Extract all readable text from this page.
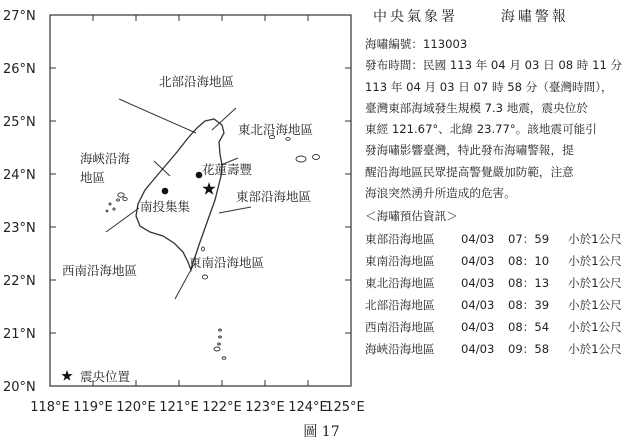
27°N
26°N
25°N
24°N
23°N
22°N
21°N
20°N
118°E 119°E 120°E 121°E 122°E 123°E 124°E
125°E
北部沿海地區
東北沿海地區
海峽沿海
地區
東部沿海地區
東南沿海地區
西南沿海地區
花蓮壽豐
南投集集
震央位置
中央氣象署	海嘯警報

海嘯編號：113003

發布時間：民國 113 年 04 月 03 日 08 時 11 分

113 年 04 月 03 日 07 時 58 分（臺灣時間），

臺灣東部海域發生規模 7.3 地震，震央位於

東經 121.67°、北緯 23.77°。該地震可能引

發海嘯影響臺灣，特此發布海嘯警報，提

醒沿海地區民眾提高警覺嚴加防範，注意

海浪突然湧升所造成的危害。

＜海嘯預估資訊＞

東部沿海地區	04/03	07：59	小於1公尺
東南沿海地區	04/03	08：10	小於1公尺
東北沿海地區	04/03	08：13	小於1公尺
北部沿海地區	04/03	08：39	小於1公尺
西南沿海地區	04/03	08：54	小於1公尺
海峽沿海地區	04/03	09：58	小於1公尺
圖 17
